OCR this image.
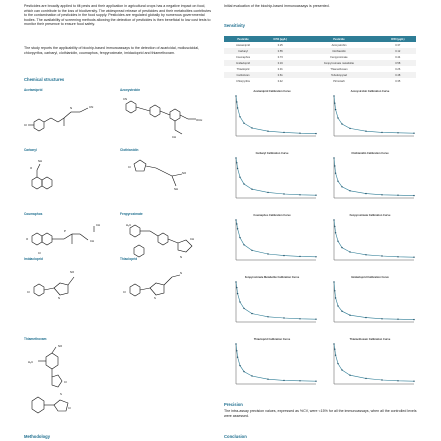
Pesticides are broadly applied to tilt pests and their application in agricultural crops has a negative impact on food, which can contribute to the loss of biodiversity. The widespread release of pesticides and their metabolites contributes to the contamination of pesticides in the food supply. Pesticides are regulated globally by numerous governmental bodies. The availability of screening methods allowing the detection of pesticides is then beneficial to low cost tests to monitor their presence to ensure food safety.

The study reports the applicability of biochip-based immunoassays to the detection of acaricidal, molluscicidal, chlorpyrifos, carbaryl, clothianidin, coumaphos, fenpyroximate, imidacloprid and thiamethoxam.

Chemical structures
Acetamiprid	Azoxystrobin
Carbaryl	Clothianidin
Coumaphos	Fenpyroximate
Imidacloprid	Thiacloprid
Thiamethoxam
Cl
N	CN
CN
OCH
CH
NH
O	Cl
NO
NH
O
P
CH
CH
Cl
H₃C
CH
N
Cl
NO
N
Cl
N
S
NO
H₃C
Cl
Cl
S
Methodology

Initial evaluation of the biochip-based immunoassays is presented.

Sensitivity
Pesticide	IC50 (μg/L)	Pesticide	IC50 (μg/L)
Acetamiprid	0.25	Azoxystrobin	0.37
Carbaryl	0.55	Clothianidin	0.12
Coumaphos	0.73	Fenpyroximate	0.44
Imidacloprid	0.19	Fenpyroximate metabolite	0.58
Thiacloprid	0.31	Thiamethoxam	0.26
Carbofuran	0.61	Tebufenpyrad	0.48
Chlorpyrifos	0.42	Pirimicarb	0.35
Acetamiprid Calibration Curve	Azoxystrobin Calibration Curve
Carbaryl Calibration Curve	Clothianidin Calibration Curve
Coumaphos Calibration Curve	Fenpyroximate Calibration Curve
Fenpyroximate Metabolite Calibration Curve	Imidacloprid Calibration Curve
Thiacloprid Calibration Curve	Thiamethoxam Calibration Curve
Precision

The intra-assay precision values, expressed as %CV, were <15% for all the immunoassays, when all the controlled levels were assessed.

Conclusion
